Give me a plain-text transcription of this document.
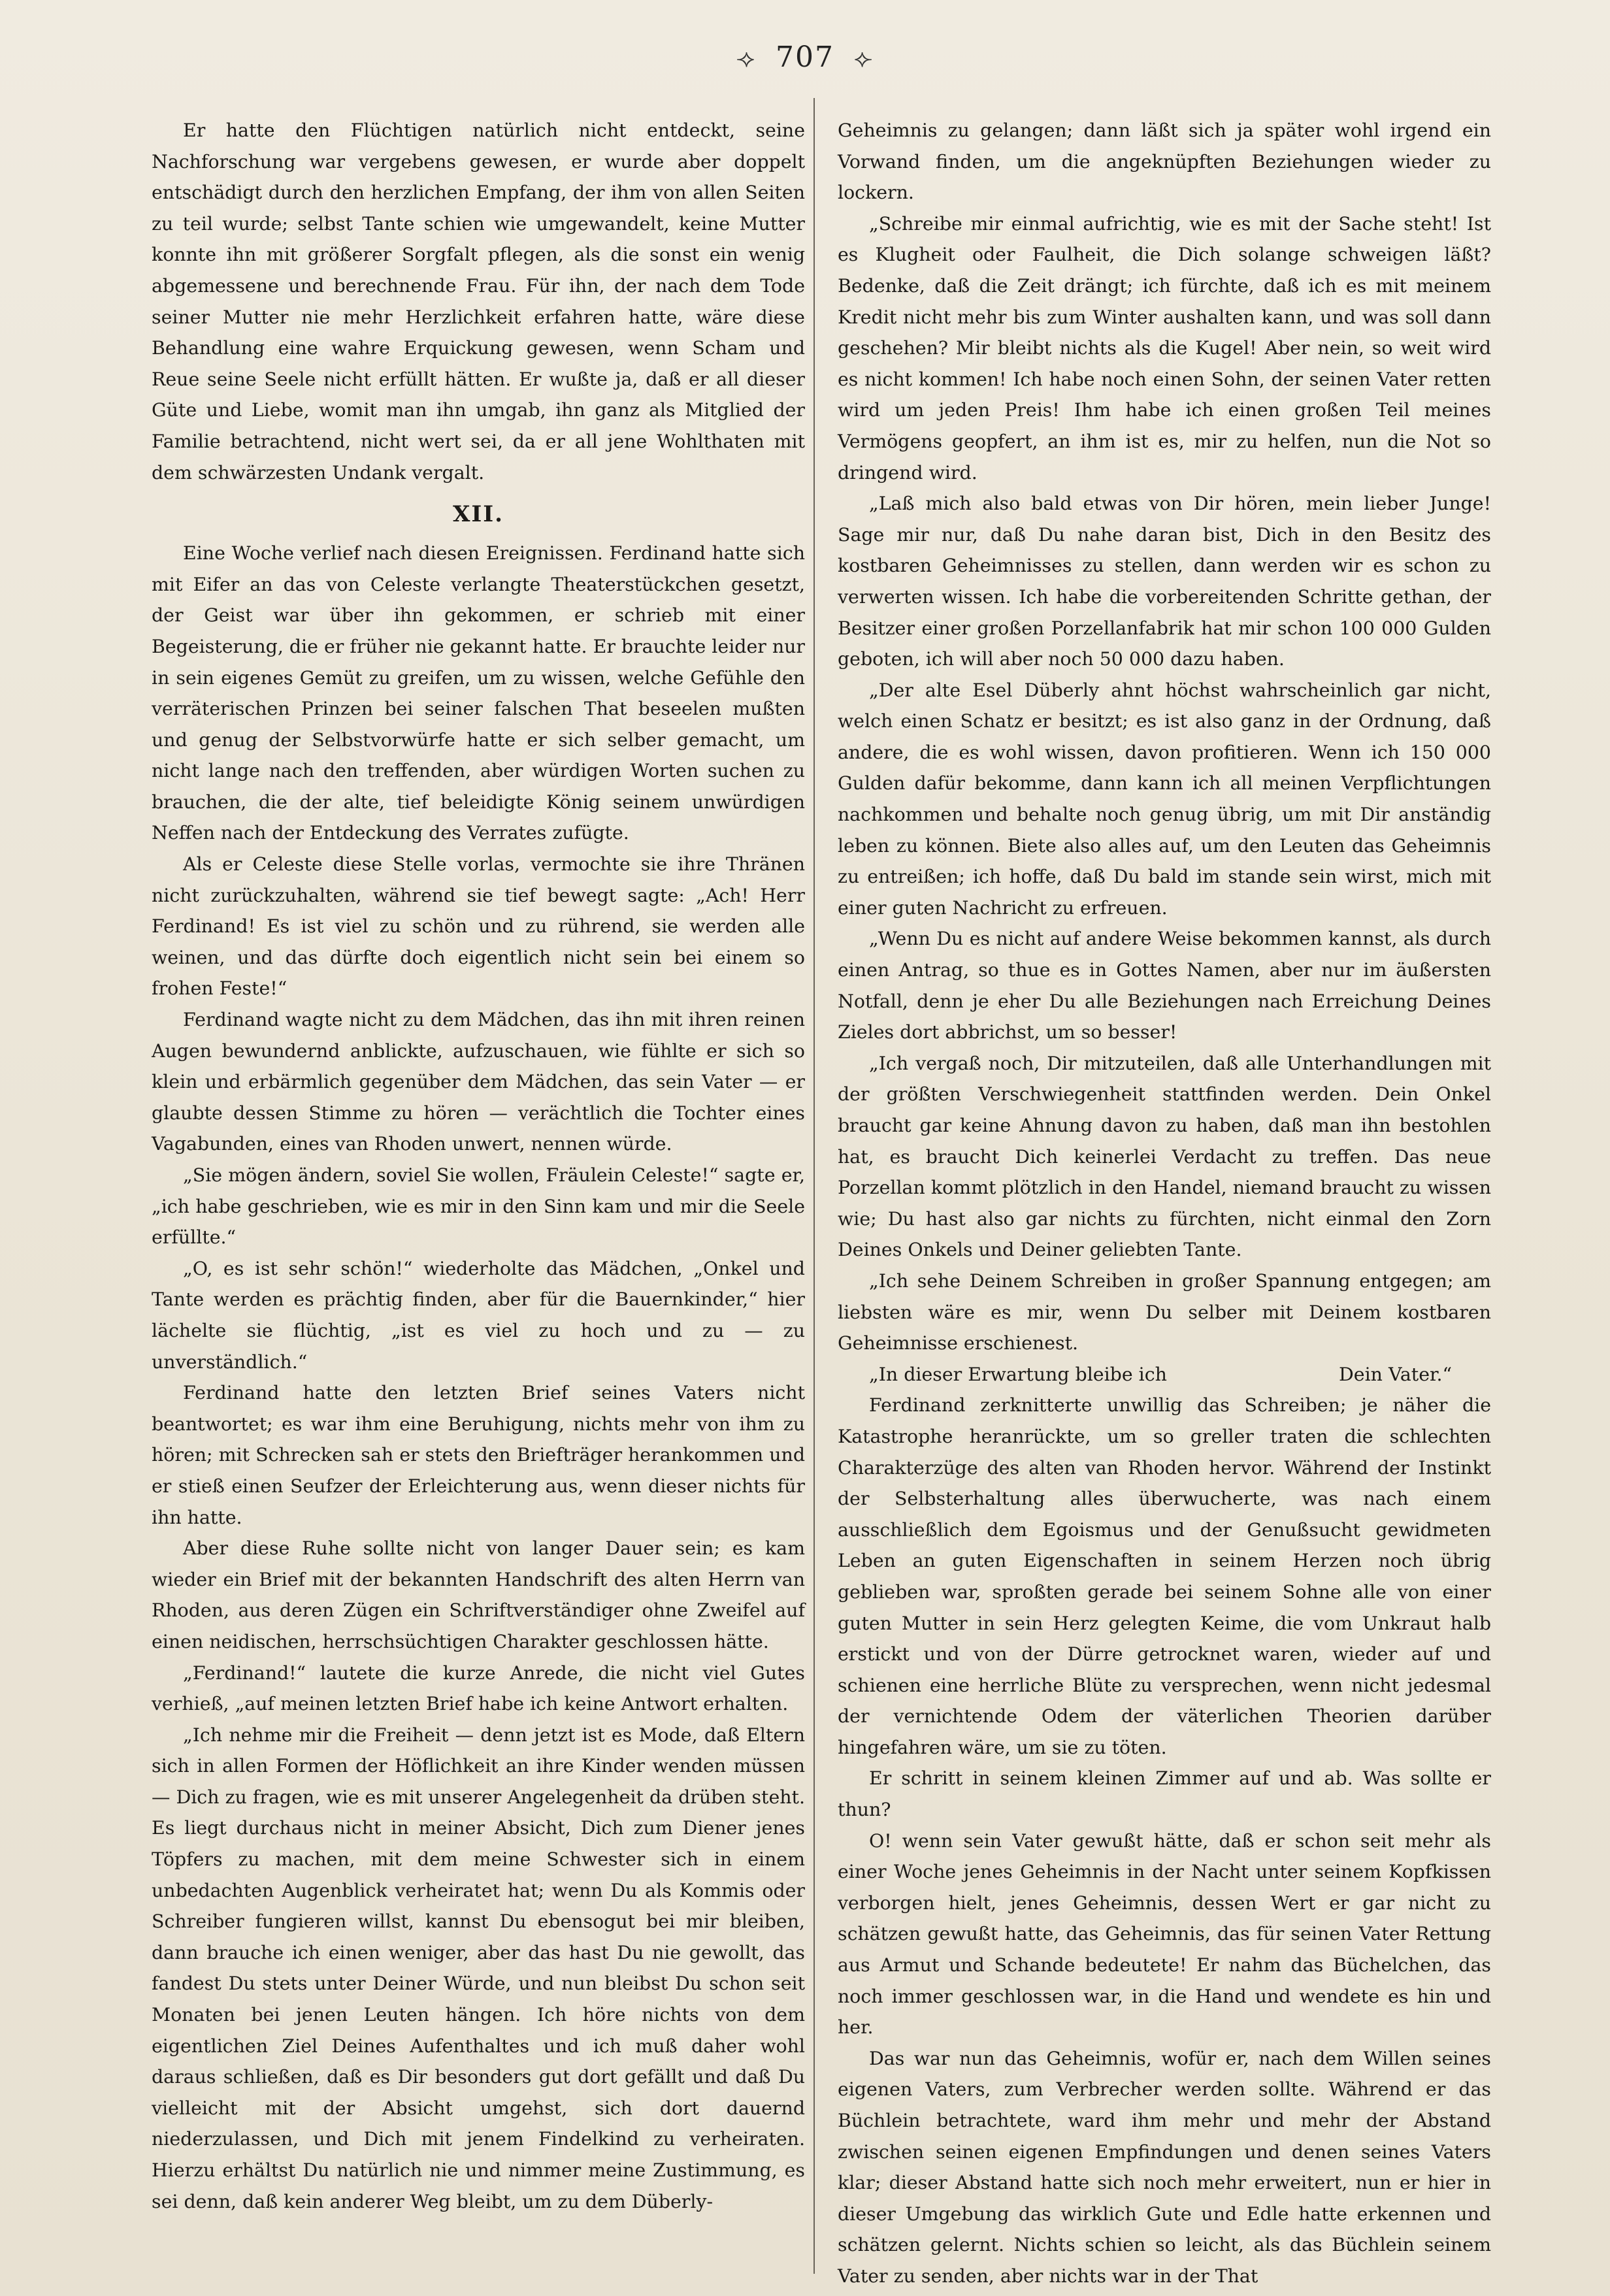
⟢ 707 ⟣

Er hatte den Flüchtigen natürlich nicht entdeckt, seine Nachforschung war vergebens gewesen, er wurde aber doppelt entschädigt durch den herzlichen Empfang, der ihm von allen Seiten zu teil wurde; selbst Tante schien wie umgewandelt, keine Mutter konnte ihn mit größerer Sorgfalt pflegen, als die sonst ein wenig abgemessene und berechnende Frau. Für ihn, der nach dem Tode seiner Mutter nie mehr Herzlichkeit erfahren hatte, wäre diese Behandlung eine wahre Erquickung gewesen, wenn Scham und Reue seine Seele nicht erfüllt hätten. Er wußte ja, daß er all dieser Güte und Liebe, womit man ihn umgab, ihn ganz als Mitglied der Familie betrachtend, nicht wert sei, da er all jene Wohlthaten mit dem schwärzesten Undank vergalt.

XII.

Eine Woche verlief nach diesen Ereignissen. Ferdinand hatte sich mit Eifer an das von Celeste verlangte Theaterstückchen gesetzt, der Geist war über ihn gekommen, er schrieb mit einer Begeisterung, die er früher nie gekannt hatte. Er brauchte leider nur in sein eigenes Gemüt zu greifen, um zu wissen, welche Gefühle den verräterischen Prinzen bei seiner falschen That beseelen mußten und genug der Selbstvorwürfe hatte er sich selber gemacht, um nicht lange nach den treffenden, aber würdigen Worten suchen zu brauchen, die der alte, tief beleidigte König seinem unwürdigen Neffen nach der Entdeckung des Verrates zufügte.

Als er Celeste diese Stelle vorlas, vermochte sie ihre Thränen nicht zurückzuhalten, während sie tief bewegt sagte: „Ach! Herr Ferdinand! Es ist viel zu schön und zu rührend, sie werden alle weinen, und das dürfte doch eigentlich nicht sein bei einem so frohen Feste!“

Ferdinand wagte nicht zu dem Mädchen, das ihn mit ihren reinen Augen bewundernd anblickte, aufzuschauen, wie fühlte er sich so klein und erbärmlich gegenüber dem Mädchen, das sein Vater — er glaubte dessen Stimme zu hören — verächtlich die Tochter eines Vagabunden, eines van Rhoden unwert, nennen würde.

„Sie mögen ändern, soviel Sie wollen, Fräulein Celeste!“ sagte er, „ich habe geschrieben, wie es mir in den Sinn kam und mir die Seele erfüllte.“

„O, es ist sehr schön!“ wiederholte das Mädchen, „Onkel und Tante werden es prächtig finden, aber für die Bauernkinder,“ hier lächelte sie flüchtig, „ist es viel zu hoch und zu — zu unverständlich.“

Ferdinand hatte den letzten Brief seines Vaters nicht beantwortet; es war ihm eine Beruhigung, nichts mehr von ihm zu hören; mit Schrecken sah er stets den Briefträger herankommen und er stieß einen Seufzer der Erleichterung aus, wenn dieser nichts für ihn hatte.

Aber diese Ruhe sollte nicht von langer Dauer sein; es kam wieder ein Brief mit der bekannten Handschrift des alten Herrn van Rhoden, aus deren Zügen ein Schriftverständiger ohne Zweifel auf einen neidischen, herrschsüchtigen Charakter geschlossen hätte.

„Ferdinand!“ lautete die kurze Anrede, die nicht viel Gutes verhieß, „auf meinen letzten Brief habe ich keine Antwort erhalten.

„Ich nehme mir die Freiheit — denn jetzt ist es Mode, daß Eltern sich in allen Formen der Höflichkeit an ihre Kinder wenden müssen — Dich zu fragen, wie es mit unserer Angelegenheit da drüben steht. Es liegt durchaus nicht in meiner Absicht, Dich zum Diener jenes Töpfers zu machen, mit dem meine Schwester sich in einem unbedachten Augenblick verheiratet hat; wenn Du als Kommis oder Schreiber fungieren willst, kannst Du ebensogut bei mir bleiben, dann brauche ich einen weniger, aber das hast Du nie gewollt, das fandest Du stets unter Deiner Würde, und nun bleibst Du schon seit Monaten bei jenen Leuten hängen. Ich höre nichts von dem eigentlichen Ziel Deines Aufenthaltes und ich muß daher wohl daraus schließen, daß es Dir besonders gut dort gefällt und daß Du vielleicht mit der Absicht umgehst, sich dort dauernd niederzulassen, und Dich mit jenem Findelkind zu verheiraten. Hierzu erhältst Du natürlich nie und nimmer meine Zustimmung, es sei denn, daß kein anderer Weg bleibt, um zu dem Düberly-

Geheimnis zu gelangen; dann läßt sich ja später wohl irgend ein Vorwand finden, um die angeknüpften Beziehungen wieder zu lockern.

„Schreibe mir einmal aufrichtig, wie es mit der Sache steht! Ist es Klugheit oder Faulheit, die Dich solange schweigen läßt? Bedenke, daß die Zeit drängt; ich fürchte, daß ich es mit meinem Kredit nicht mehr bis zum Winter aushalten kann, und was soll dann geschehen? Mir bleibt nichts als die Kugel! Aber nein, so weit wird es nicht kommen! Ich habe noch einen Sohn, der seinen Vater retten wird um jeden Preis! Ihm habe ich einen großen Teil meines Vermögens geopfert, an ihm ist es, mir zu helfen, nun die Not so dringend wird.

„Laß mich also bald etwas von Dir hören, mein lieber Junge! Sage mir nur, daß Du nahe daran bist, Dich in den Besitz des kostbaren Geheimnisses zu stellen, dann werden wir es schon zu verwerten wissen. Ich habe die vorbereitenden Schritte gethan, der Besitzer einer großen Porzellanfabrik hat mir schon 100 000 Gulden geboten, ich will aber noch 50 000 dazu haben.

„Der alte Esel Düberly ahnt höchst wahrscheinlich gar nicht, welch einen Schatz er besitzt; es ist also ganz in der Ordnung, daß andere, die es wohl wissen, davon profitieren. Wenn ich 150 000 Gulden dafür bekomme, dann kann ich all meinen Verpflichtungen nachkommen und behalte noch genug übrig, um mit Dir anständig leben zu können. Biete also alles auf, um den Leuten das Geheimnis zu entreißen; ich hoffe, daß Du bald im stande sein wirst, mich mit einer guten Nachricht zu erfreuen.

„Wenn Du es nicht auf andere Weise bekommen kannst, als durch einen Antrag, so thue es in Gottes Namen, aber nur im äußersten Notfall, denn je eher Du alle Beziehungen nach Erreichung Deines Zieles dort abbrichst, um so besser!

„Ich vergaß noch, Dir mitzuteilen, daß alle Unterhandlungen mit der größten Verschwiegenheit stattfinden werden. Dein Onkel braucht gar keine Ahnung davon zu haben, daß man ihn bestohlen hat, es braucht Dich keinerlei Verdacht zu treffen. Das neue Porzellan kommt plötzlich in den Handel, niemand braucht zu wissen wie; Du hast also gar nichts zu fürchten, nicht einmal den Zorn Deines Onkels und Deiner geliebten Tante.

„Ich sehe Deinem Schreiben in großer Spannung entgegen; am liebsten wäre es mir, wenn Du selber mit Deinem kostbaren Geheimnisse erschienest.

„In dieser Erwartung bleibe ich	Dein Vater.“

Ferdinand zerknitterte unwillig das Schreiben; je näher die Katastrophe heranrückte, um so greller traten die schlechten Charakterzüge des alten van Rhoden hervor. Während der Instinkt der Selbsterhaltung alles überwucherte, was nach einem ausschließlich dem Egoismus und der Genußsucht gewidmeten Leben an guten Eigenschaften in seinem Herzen noch übrig geblieben war, sproßten gerade bei seinem Sohne alle von einer guten Mutter in sein Herz gelegten Keime, die vom Unkraut halb erstickt und von der Dürre getrocknet waren, wieder auf und schienen eine herrliche Blüte zu versprechen, wenn nicht jedesmal der vernichtende Odem der väterlichen Theorien darüber hingefahren wäre, um sie zu töten.

Er schritt in seinem kleinen Zimmer auf und ab. Was sollte er thun?

O! wenn sein Vater gewußt hätte, daß er schon seit mehr als einer Woche jenes Geheimnis in der Nacht unter seinem Kopfkissen verborgen hielt, jenes Geheimnis, dessen Wert er gar nicht zu schätzen gewußt hatte, das Geheimnis, das für seinen Vater Rettung aus Armut und Schande bedeutete! Er nahm das Büchelchen, das noch immer geschlossen war, in die Hand und wendete es hin und her.

Das war nun das Geheimnis, wofür er, nach dem Willen seines eigenen Vaters, zum Verbrecher werden sollte. Während er das Büchlein betrachtete, ward ihm mehr und mehr der Abstand zwischen seinen eigenen Empfindungen und denen seines Vaters klar; dieser Abstand hatte sich noch mehr erweitert, nun er hier in dieser Umgebung das wirklich Gute und Edle hatte erkennen und schätzen gelernt. Nichts schien so leicht, als das Büchlein seinem Vater zu senden, aber nichts war in der That
